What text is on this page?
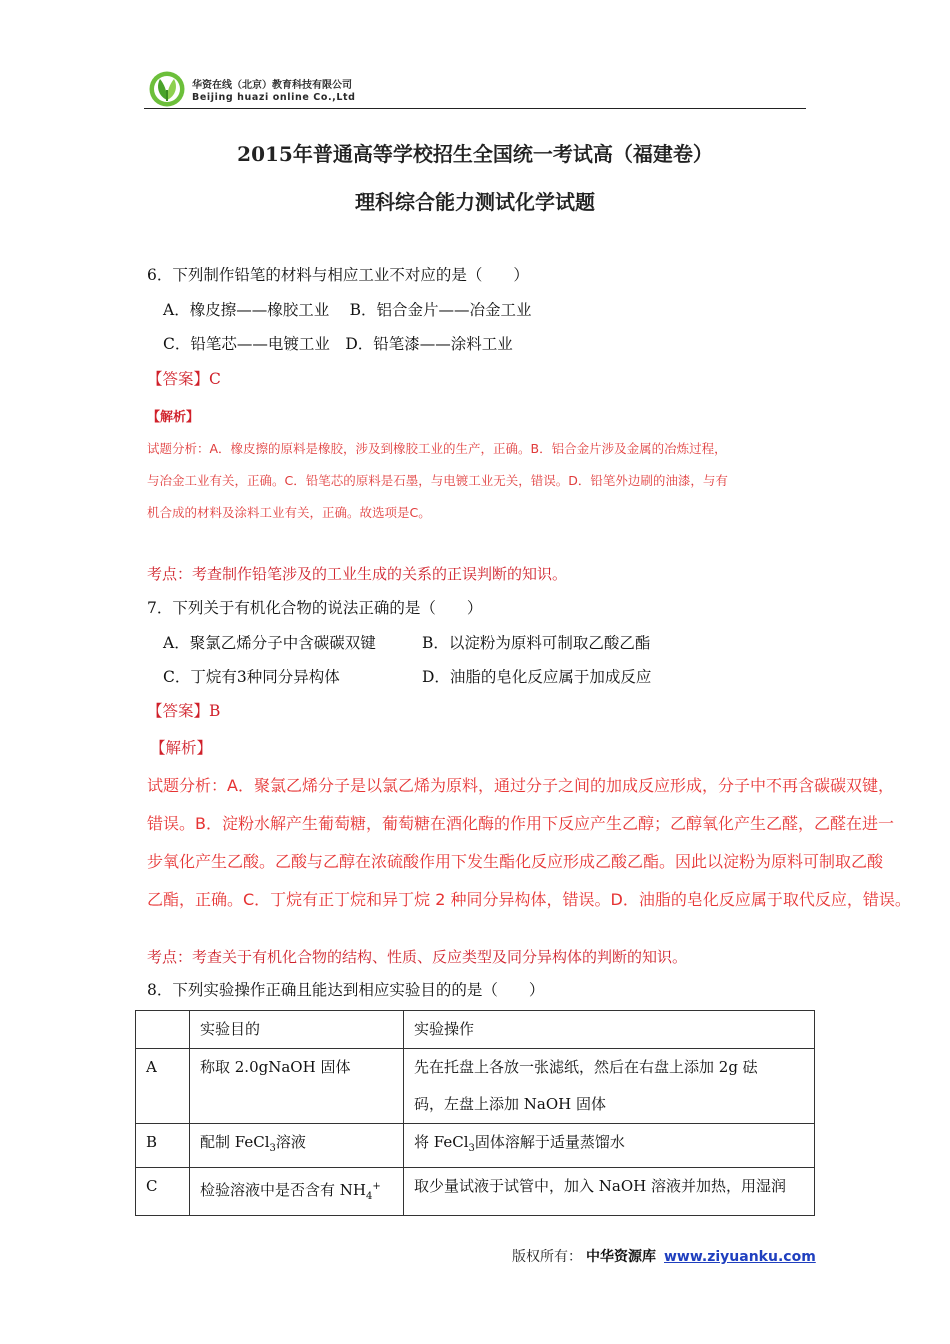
华资在线（北京）教育科技有限公司
Beijing huazi online Co.,Ltd
2015年普通高等学校招生全国统一考试高（福建卷）
理科综合能力测试化学试题
6．下列制作铅笔的材料与相应工业不对应的是（　　）
A．橡皮擦——橡胶工业　 B．铝合金片——冶金工业
C．铅笔芯——电镀工业　D．铅笔漆——涂料工业
【答案】C
【解析】
试题分析：A．橡皮擦的原料是橡胶，涉及到橡胶工业的生产，正确。B．铝合金片涉及金属的冶炼过程，
与冶金工业有关，正确。C．铅笔芯的原料是石墨，与电镀工业无关，错误。D．铅笔外边刷的油漆，与有
机合成的材料及涂料工业有关，正确。故选项是C。
考点：考查制作铅笔涉及的工业生成的关系的正误判断的知识。
7．下列关于有机化合物的说法正确的是（　　）
A．聚氯乙烯分子中含碳碳双键	B．以淀粉为原料可制取乙酸乙酯
C．丁烷有3种同分异构体	D．油脂的皂化反应属于加成反应
【答案】B
【解析】
试题分析：A．聚氯乙烯分子是以氯乙烯为原料，通过分子之间的加成反应形成，分子中不再含碳碳双键，
错误。B．淀粉水解产生葡萄糖，葡萄糖在酒化酶的作用下反应产生乙醇；乙醇氧化产生乙醛，乙醛在进一
步氧化产生乙酸。乙酸与乙醇在浓硫酸作用下发生酯化反应形成乙酸乙酯。因此以淀粉为原料可制取乙酸
乙酯，正确。C．丁烷有正丁烷和异丁烷 2 种同分异构体，错误。D．油脂的皂化反应属于取代反应，错误。
考点：考查关于有机化合物的结构、性质、反应类型及同分异构体的判断的知识。
8．下列实验操作正确且能达到相应实验目的的是（　　）
	实验目的	实验操作
A	称取 2.0gNaOH 固体	先在托盘上各放一张滤纸，然后在右盘上添加 2g 砝
码，左盘上添加 NaOH 固体

B	配制 FeCl$_3$溶液	将 FeCl$_3$固体溶解于适量蒸馏水
C	检验溶液中是否含有 $NH_4^+$	取少量试液于试管中，加入 NaOH 溶液并加热，用湿润
版权所有： 中华资源库 www.ziyuanku.com
